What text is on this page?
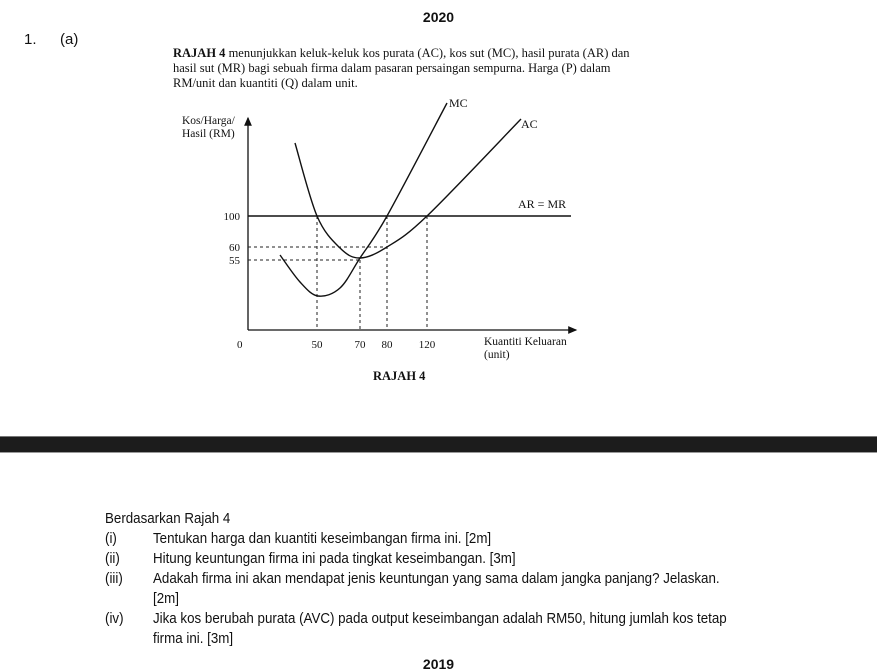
2020
1. (a)
RAJAH 4 menunjukkan keluk-keluk kos purata (AC), kos sut (MC), hasil purata (AR) dan hasil sut (MR) bagi sebuah firma dalam pasaran persaingan sempurna. Harga (P) dalam RM/unit dan kuantiti (Q) dalam unit.
Kos/Harga/
Hasil (RM)
Kuantiti Keluaran
(unit)
0	50	70 80 120
100
60
55
MC
AC
AR = MR
RAJAH 4
Berdasarkan Rajah 4
(i) Tentukan harga dan kuantiti keseimbangan firma ini. [2m]
(ii) Hitung keuntungan firma ini pada tingkat keseimbangan. [3m]
(iii) Adakah firma ini akan mendapat jenis keuntungan yang sama dalam jangka panjang? Jelaskan.
[2m]
(iv) Jika kos berubah purata (AVC) pada output keseimbangan adalah RM50, hitung jumlah kos tetap
firma ini. [3m]
2019
